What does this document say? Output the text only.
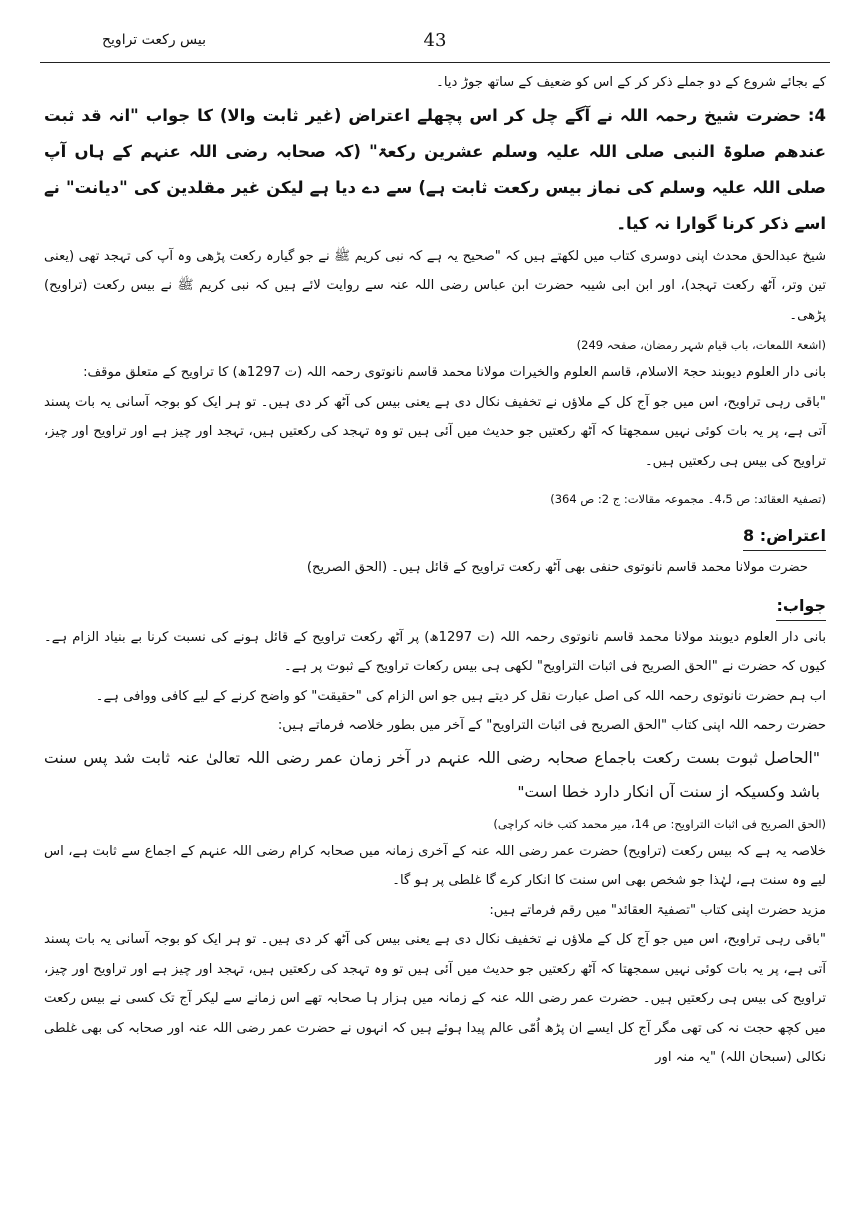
43
بیس رکعت تراویح

کے بجائے شروع کے دو جملے ذکر کر کے اس کو ضعیف کے ساتھ جوڑ دیا۔

4: حضرت شیخ رحمہ اللہ نے آگے چل کر اس پچھلے اعتراض (غیر ثابت والا) کا جواب "انہ قد ثبت عندھم صلوۃ النبی صلی اللہ علیہ وسلم عشرین رکعۃ" (کہ صحابہ رضی اللہ عنہم کے ہاں آپ صلی اللہ علیہ وسلم کی نماز بیس رکعت ثابت ہے) سے دے دیا ہے لیکن غیر مقلدین کی "دیانت" نے اسے ذکر کرنا گوارا نہ کیا۔

شیخ عبدالحق محدث اپنی دوسری کتاب میں لکھتے ہیں کہ "صحیح یہ ہے کہ نبی کریم ﷺ نے جو گیارہ رکعت پڑھی وہ آپ کی تہجد تھی (یعنی تین وتر، آٹھ رکعت تہجد)، اور ابن ابی شیبہ حضرت ابن عباس رضی اللہ عنہ سے روایت لائے ہیں کہ نبی کریم ﷺ نے بیس رکعت (تراویح) پڑھی۔

(اشعۃ اللمعات، باب قیام شہر رمضان، صفحہ 249)

بانی دار العلوم دیوبند حجۃ الاسلام، قاسم العلوم والخیرات مولانا محمد قاسم نانوتوی رحمہ اللہ (ت 1297ھ) کا تراویح کے متعلق موقف:

"باقی رہی تراویح، اس میں جو آج کل کے ملاؤں نے تخفیف نکال دی ہے یعنی بیس کی آٹھ کر دی ہیں۔ تو ہر ایک کو بوجہ آسانی یہ بات پسند آتی ہے، پر یہ بات کوئی نہیں سمجھتا کہ آٹھ رکعتیں جو حدیث میں آئی ہیں تو وہ تہجد کی رکعتیں ہیں، تہجد اور چیز ہے اور تراویح اور چیز، تراویح کی بیس ہی رکعتیں ہیں۔

(تصفیۃ العقائد: ص 4،5۔ مجموعہ مقالات: ج 2: ص 364)

اعتراض: 8

حضرت مولانا محمد قاسم نانوتوی حنفی بھی آٹھ رکعت تراویح کے قائل ہیں۔ (الحق الصریح)

جواب:

بانی دار العلوم دیوبند مولانا محمد قاسم نانوتوی رحمہ اللہ (ت 1297ھ) پر آٹھ رکعت تراویح کے قائل ہونے کی نسبت کرنا بے بنیاد الزام ہے۔ کیوں کہ حضرت نے "الحق الصریح فی اثبات التراویح" لکھی ہی بیس رکعات تراویح کے ثبوت پر ہے۔

اب ہم حضرت نانوتوی رحمہ اللہ کی اصل عبارت نقل کر دیتے ہیں جو اس الزام کی "حقیقت" کو واضح کرنے کے لیے کافی ووافی ہے۔

حضرت رحمہ اللہ اپنی کتاب "الحق الصریح فی اثبات التراویح" کے آخر میں بطور خلاصہ فرماتے ہیں:

"الحاصل ثبوت بست رکعت باجماع صحابہ رضی اللہ عنہم در آخر زمان عمر رضی اللہ تعالیٰ عنہ ثابت شد پس سنت باشد وکسیکہ از سنت آں انکار دارد خطا است"

(الحق الصریح فی اثبات التراویح: ص 14، میر محمد کتب خانہ کراچی)

خلاصہ یہ ہے کہ بیس رکعت (تراویح) حضرت عمر رضی اللہ عنہ کے آخری زمانہ میں صحابہ کرام رضی اللہ عنہم کے اجماع سے ثابت ہے، اس لیے وہ سنت ہے، لہٰذا جو شخص بھی اس سنت کا انکار کرے گا غلطی پر ہو گا۔

مزید حضرت اپنی کتاب "تصفیۃ العقائد" میں رقم فرماتے ہیں:

"باقی رہی تراویح، اس میں جو آج کل کے ملاؤں نے تخفیف نکال دی ہے یعنی بیس کی آٹھ کر دی ہیں۔ تو ہر ایک کو بوجہ آسانی یہ بات پسند آتی ہے، پر یہ بات کوئی نہیں سمجھتا کہ آٹھ رکعتیں جو حدیث میں آئی ہیں تو وہ تہجد کی رکعتیں ہیں، تہجد اور چیز ہے اور تراویح اور چیز، تراویح کی بیس ہی رکعتیں ہیں۔ حضرت عمر رضی اللہ عنہ کے زمانہ میں ہزار ہا صحابہ تھے اس زمانے سے لیکر آج تک کسی نے بیس رکعت میں کچھ حجت نہ کی تھی مگر آج کل ایسے ان پڑھ اُمّی عالم پیدا ہوئے ہیں کہ انہوں نے حضرت عمر رضی اللہ عنہ اور صحابہ کی بھی غلطی نکالی (سبحان اللہ) "یہ منہ اور
